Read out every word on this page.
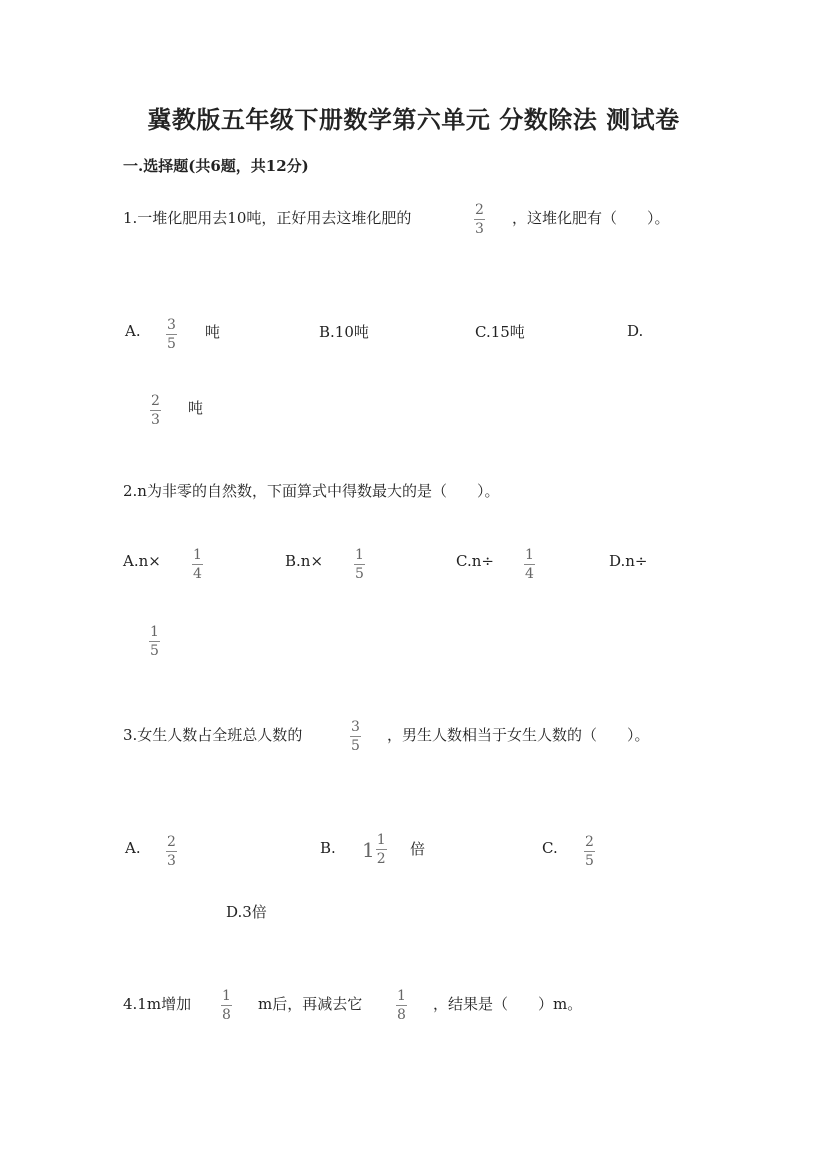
冀教版五年级下册数学第六单元 分数除法 测试卷
一.选择题(共6题，共12分)
1.一堆化肥用去10吨，正好用去这堆化肥的	2
3
，这堆化肥有（　　）。
A. 3
5
吨	B.10吨	C.15吨	D.
2
3
吨
2.n为非零的自然数，下面算式中得数最大的是（　　）。
A.n× 1
4
B.n× 1
5
C.n÷ 1
4
D.n÷
1
5
3.女生人数占全班总人数的	3
5
，男生人数相当于女生人数的（　　）。
A. 2
3
B. $1 \frac{1}{2}$ 倍	C. 2
5
D.3倍
4.1m增加 1
8
m后，再减去它 1
8
，结果是（　　）m。
